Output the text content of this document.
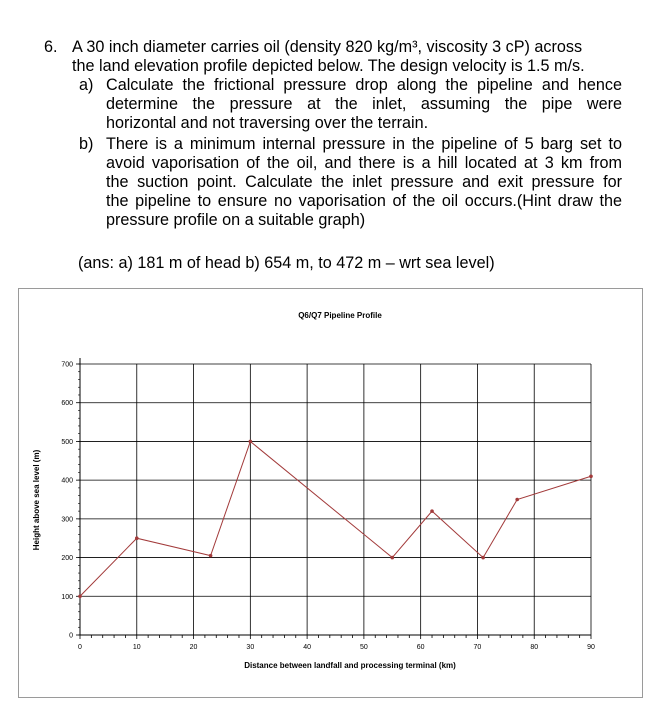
6. A 30 inch diameter carries oil (density 820 kg/m³, viscosity 3 cP) across
the land elevation profile depicted below. The design velocity is 1.5 m/s.
a) Calculate the frictional pressure drop along the pipeline and hence
determine the pressure at the inlet, assuming the pipe were
horizontal and not traversing over the terrain.
b) There is a minimum internal pressure in the pipeline of 5 barg set to
avoid vaporisation of the oil, and there is a hill located at 3 km from
the suction point. Calculate the inlet pressure and exit pressure for
the pipeline to ensure no vaporisation of the oil occurs.(Hint draw the
pressure profile on a suitable graph)
(ans: a) 181 m of head b) 654 m, to 472 m – wrt sea level)
Q6/Q7 Pipeline Profile
0
100
200
300
400
500
600
700
0	10	20	30	40	50	60	70	80	90
Distance between landfall and processing terminal (km)
Height above sea level (m)
